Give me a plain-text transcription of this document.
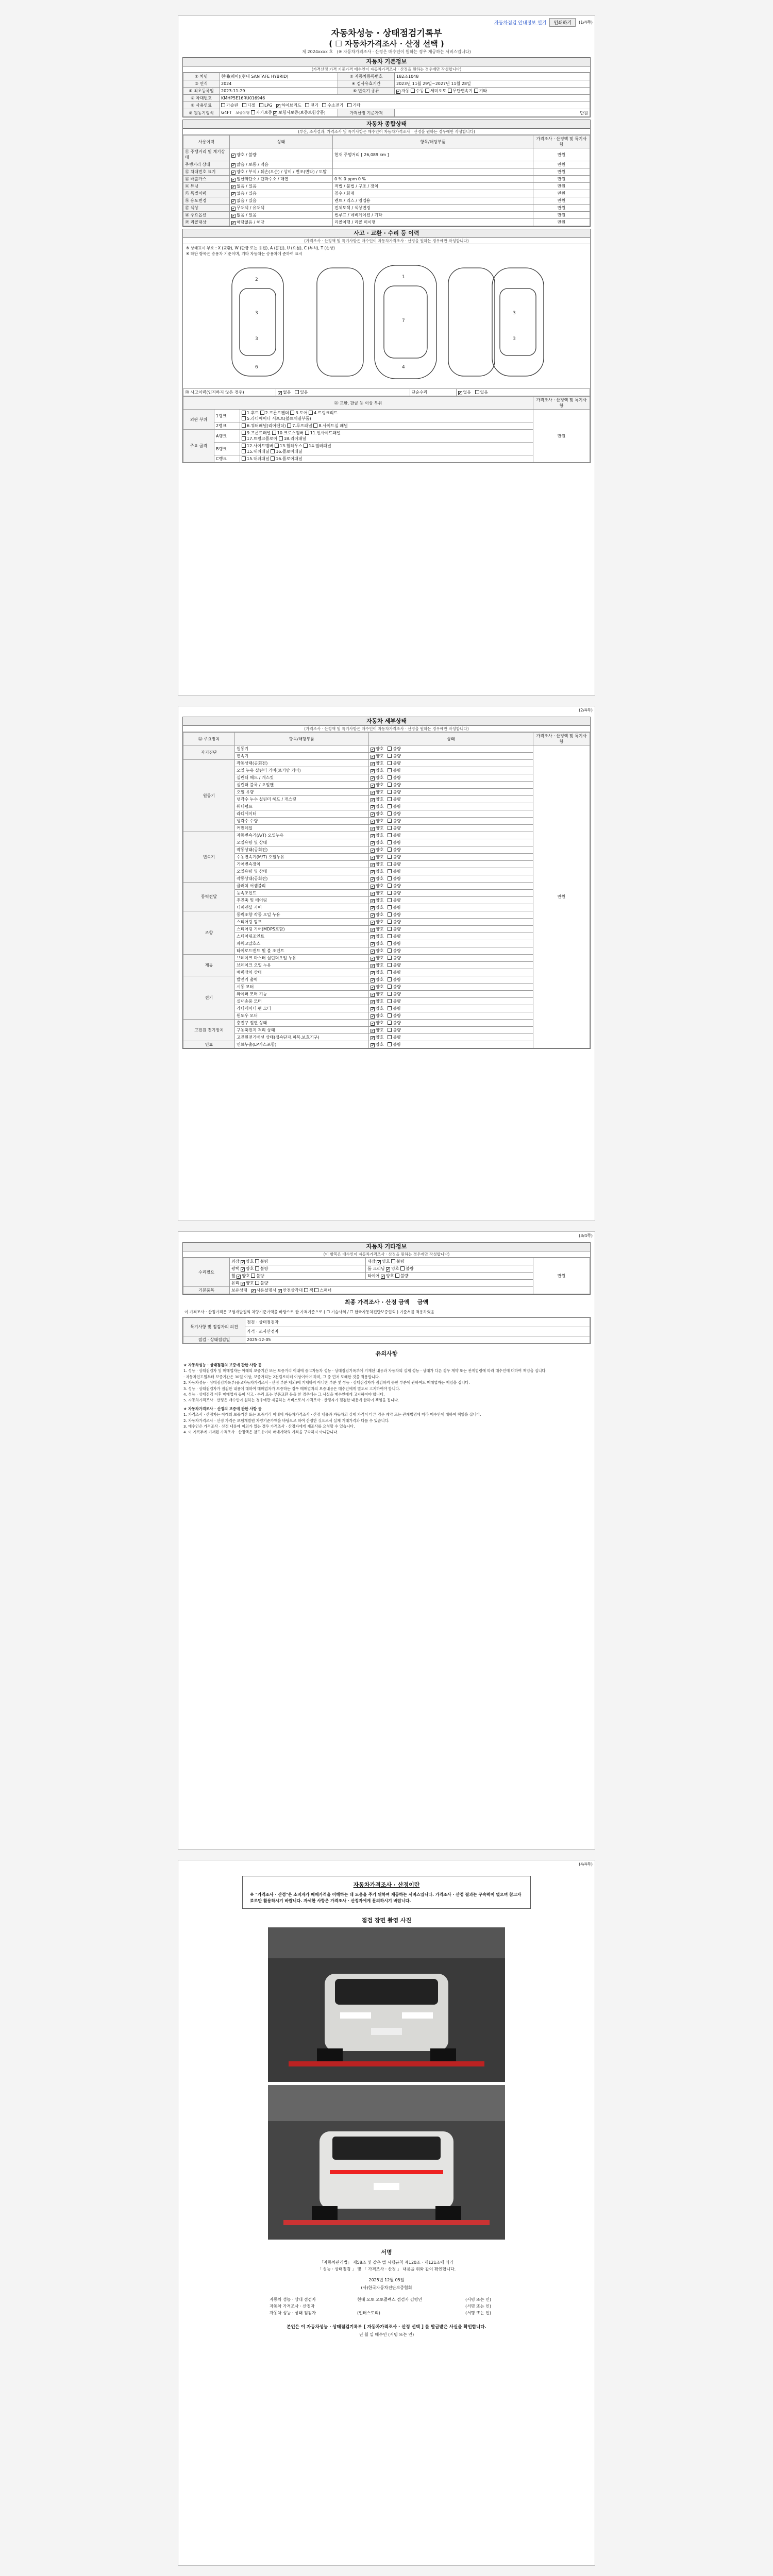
자동차점검 안내정보 열기	인쇄하기	(1/4쪽)
자동차성능 · 상태점검기록부
( ☐ 자동차가격조사 · 산정 선택 )
제 2024xxxx 호 (※ 자동차가격조사 · 산정은 매수인이 원하는 경우 제공하는 서비스입니다)
자동차 기본정보
(가격산정 가격 기준가격 매수인이 자동차가격조사 · 산정을 원하는 경우에만 작성합니다)
① 차명	현대(웨이)(현대 SANTAFE HYBRID)	② 자동차등록번호	182조1048
③ 연식	2024	④ 검사유효기간	2023년 11월 29일~2027년 11월 28일
⑤ 최초등록일	2023-11-29	⑥ 변속기 종류	✔자동 수동 세미오토 무단변속기 기타
⑦ 차대번호	KMHP5E16RU016946		
⑧ 사용연료	가솔린 디젤 LPG ✔ 하이브리드 전기 수소전기 기타
⑨ 원동기형식	G4FT 보증유형 자가보증 ✔ 보험사보증(보증보험상품)	가격산정 기준가격	만원
자동차 종합상태
(부산, 조사결과, 가격조사 및 특기사항은 매수인이 자동차가격조사 · 산정을 원하는 경우에만 작성합니다)
사용이력	상태	항목/해당부품	가격조사 · 산정액 및 특기사항
⑪ 주행거리 및 계기상태	✔양호 / 불량	현재 주행거리 [ 26,089 km ]	만원
주행거리 상태	✔많음 / 보통 / 적음		만원
⑫ 차대번호 표기	✔양호 / 부식 / 훼손(오손) / 상이 / 변조(변타) / 도말		만원
⑬ 배출가스	✔일산화탄소 / 탄화수소 / 매연	0 % 0 ppm 0 %	만원
⑭ 튜닝	✔없음 / 있음	적법 / 불법 / 구조 / 장치	만원
⑮ 특별이력	✔없음 / 있음	침수 / 화재	만원
⑯ 용도변경	✔없음 / 있음	렌트 / 리스 / 영업용	만원
⑰ 색상	✔무채색 / 유채색	전체도색 / 색상변경	만원
⑱ 주요옵션	✔없음 / 있음	썬루프 / 네비게이션 / 기타	만원
⑲ 리콜대상	✔해당없음 / 해당	리콜이행 / 리콜 미이행	만원
사고 · 교환 · 수리 등 이력
(가격조사 · 산정액 및 특기사항은 매수인이 자동차가격조사 · 산정을 원하는 경우에만 작성합니다)
※ 상태표시 부호 : X (교환), W (판금 또는 용접), A (흠집), U (요철), C (부식), T (손상)
※ 하단 항목은 승용차 기준이며, 기타 자동차는 승용차에 준하여 표시
2
3
3
6
1
7
4
3
3
⑳ 사고이력(인지하지 않은 경우)	✔없음 있음	단순수리	✔없음 있음
㉑ 교환, 판금 등 이상 부위			가격조사 · 산정액 및 특기사항
외판 부위	1랭크	1.후드 2.프론트펜더 3.도어 4.트렁크리드
5.라디에이터 서포트(볼트체결부품)	만원
	2랭크	6.쿼터패널(리어펜더) 7.루프패널 8.사이드실 패널	
주요 골격	A랭크	9.프론트패널 10.크로스멤버 11.인사이드패널
17.트렁크플로어 18.리어패널	
	B랭크	12.사이드멤버 13.휠하우스 14.필러패널
15.대쉬패널 16.플로어패널	
	C랭크	15.대쉬패널 16.플로어패널	
(2/4쪽)
자동차 세부상태
(가격조사 · 산정액 및 특기사항은 매수인이 자동차가격조사 · 산정을 원하는 경우에만 작성합니다)
㉒ 주요장치	항목/해당부품	상태	가격조사 · 산정액 및 특기사항
자기진단	원동기	✔양호 불량	만원
	변속기	✔양호 불량
원동기	작동상태(공회전)	✔양호 불량
	오일 누유 실린더 커버(로커암 커버)	✔양호 불량
	실린더 헤드 / 개스킷	✔양호 불량
	실린더 블록 / 오일팬	✔양호 불량
	오일 유량	✔양호 불량
	냉각수 누수 실린더 헤드 / 개스킷	✔양호 불량
	워터펌프	✔양호 불량
	라디에이터	✔양호 불량
	냉각수 수량	✔양호 불량
	커먼레일	✔양호 불량
변속기	자동변속기(A/T) 오일누유	✔양호 불량
	오일유량 및 상태	✔양호 불량
	작동상태(공회전)	✔양호 불량
	수동변속기(M/T) 오일누유	✔양호 불량
	기어변속장치	✔양호 불량
	오일유량 및 상태	✔양호 불량
	작동상태(공회전)	✔양호 불량
동력전달	클러치 어셈블리	✔양호 불량
	등속조인트	✔양호 불량
	추진축 및 베어링	✔양호 불량
	디퍼렌셜 기어	✔양호 불량
조향	동력조향 작동 오일 누유	✔양호 불량
	스티어링 펌프	✔양호 불량
	스티어링 기어(MDPS포함)	✔양호 불량
	스티어링조인트	✔양호 불량
	파워고압호스	✔양호 불량
	타이로드엔드 및 볼 조인트	✔양호 불량
제동	브레이크 마스터 실린더오일 누유	✔양호 불량
	브레이크 오일 누유	✔양호 불량
	배력장치 상태	✔양호 불량
전기	발전기 출력	✔양호 불량
	시동 모터	✔양호 불량
	와이퍼 모터 기능	✔양호 불량
	실내송풍 모터	✔양호 불량
	라디에이터 팬 모터	✔양호 불량
	윈도우 모터	✔양호 불량
고전원 전기장치	충전구 절연 상태	✔양호 불량
	구동축전지 격리 상태	✔양호 불량
	고전원전기배선 상태(접속단자,피복,보호기구)	✔양호 불량
연료	연료누출(LP가스포함)	✔양호 불량
(3/4쪽)
자동차 기타정보
(이 항목은 매수인이 자동차가격조사 · 산정을 원하는 경우에만 작성합니다)
수리필요	외장 ✔ 양호 불량	내장 ✔ 양호 불량	만원
	광택 ✔ 양호 불량	룸 크리닝 ✔ 양호 불량
	휠 ✔ 양호 불량	타이어 ✔ 양호 불량
	유리 ✔ 양호 불량
기본품목	보유상태 ✔ 사용설명서 ✔ 안전삼각대 잭 스패너
최종 가격조사 · 산정 금액 금액
이 가격조사 · 산정가격은 보험개발원의 차량기준가액을 바탕으로 한 가격기준으로 ( ☐ 기술사회 / ☐ 한국자동차진단보증협회 ) 기준서를 적용하였음
특기사항 및 점검자의 의견	점검 · 상태점검자
	가격 · 조사산정자
점검 · 상태점검일	2025-12-05
유의사항

★ 자동차성능 · 상태점검의 보증에 관한 사항 등

1. 성능 · 상태점검자 및 매매업자는 아래의 보증기간 또는 보증거리 이내에 중고자동차 성능 · 상태점검기록부에 기재된 내용과 자동차의 실제 성능 · 상태가 다른 경우 계약 또는 관계법령에 따라 매수인에 대하여 책임을 집니다.

· 자동차인도일부터 보증기간은 30일 이상, 보증거리는 2천킬로미터 이상이어야 하며, 그 중 먼저 도래한 것을 적용합니다.

2. 자동차성능 · 상태점검기록부(중고자동차가격조사 · 산정 부분 제외)에 기재하지 아니한 부분 및 성능 · 상태점검자가 점검하지 못한 부분에 관하여도 매매업자는 책임을 집니다.

3. 성능 · 상태점검자가 점검한 내용에 대하여 매매업자가 보증하는 경우 매매업자의 보증내용은 매수인에게 별도로 고지하여야 합니다.

4. 성능 · 상태점검 이후 매매업자 등이 사고 · 수리 또는 부품교환 등을 한 경우에는 그 사실을 매수인에게 고지하여야 합니다.

5. 자동차가격조사 · 산정은 매수인이 원하는 경우에만 제공하는 서비스로서 가격조사 · 산정자가 점검한 내용에 한하여 책임을 집니다.

★ 자동차가격조사 · 산정의 보증에 관한 사항 등

1. 가격조사 · 산정자는 아래의 보증기간 또는 보증거리 이내에 자동차가격조사 · 산정 내용과 자동차의 실제 가격이 다른 경우 계약 또는 관계법령에 따라 매수인에 대하여 책임을 집니다.

2. 자동차가격조사 · 산정 가격은 보험개발원 차량기준가액을 바탕으로 하여 산정한 것으로서 실제 거래가격과 다를 수 있습니다.

3. 매수인은 가격조사 · 산정 내용에 이의가 있는 경우 가격조사 · 산정자에게 재조사를 요청할 수 있습니다.

4. 이 기록부에 기재된 가격조사 · 산정액은 참고용이며 매매계약의 가격을 구속하지 아니합니다.

(4/4쪽)
자동차가격조사 · 산정이란
※ "가격조사 · 산정"은 소비자가 매매가격을 이해하는 데 도움을 주기 위하여 제공하는 서비스입니다. 가격조사 · 산정 결과는 구속력이 없으며 참고자료로만 활용하시기 바랍니다. 자세한 사항은 가격조사 · 산정자에게 문의하시기 바랍니다.
점검 장면 촬영 사진
서명
「자동차관리법」 제58조 및 같은 법 시행규칙 제120조 · 제121조에 따라
「 성능 · 상태점검 」 및 「 가격조사 · 산정 」 내용을 위와 같이 확인합니다.
2025년 12월 05일
(사)한국자동차진단보증협회
자동차 성능 · 상태 점검자	현대 오토 오토플렉스 점검자 김병연	(서명 또는 인)
자동차 가격조사 · 산정자		(서명 또는 인)
자동차 성능 · 상태 점검자	(인터스토리)	(서명 또는 인)
본인은 이 자동차성능 · 상태점검기록부 [ 자동차가격조사 · 산정 선택 ] 를 발급받은 사실을 확인합니다.
년 월 일 매수인 (서명 또는 인)
